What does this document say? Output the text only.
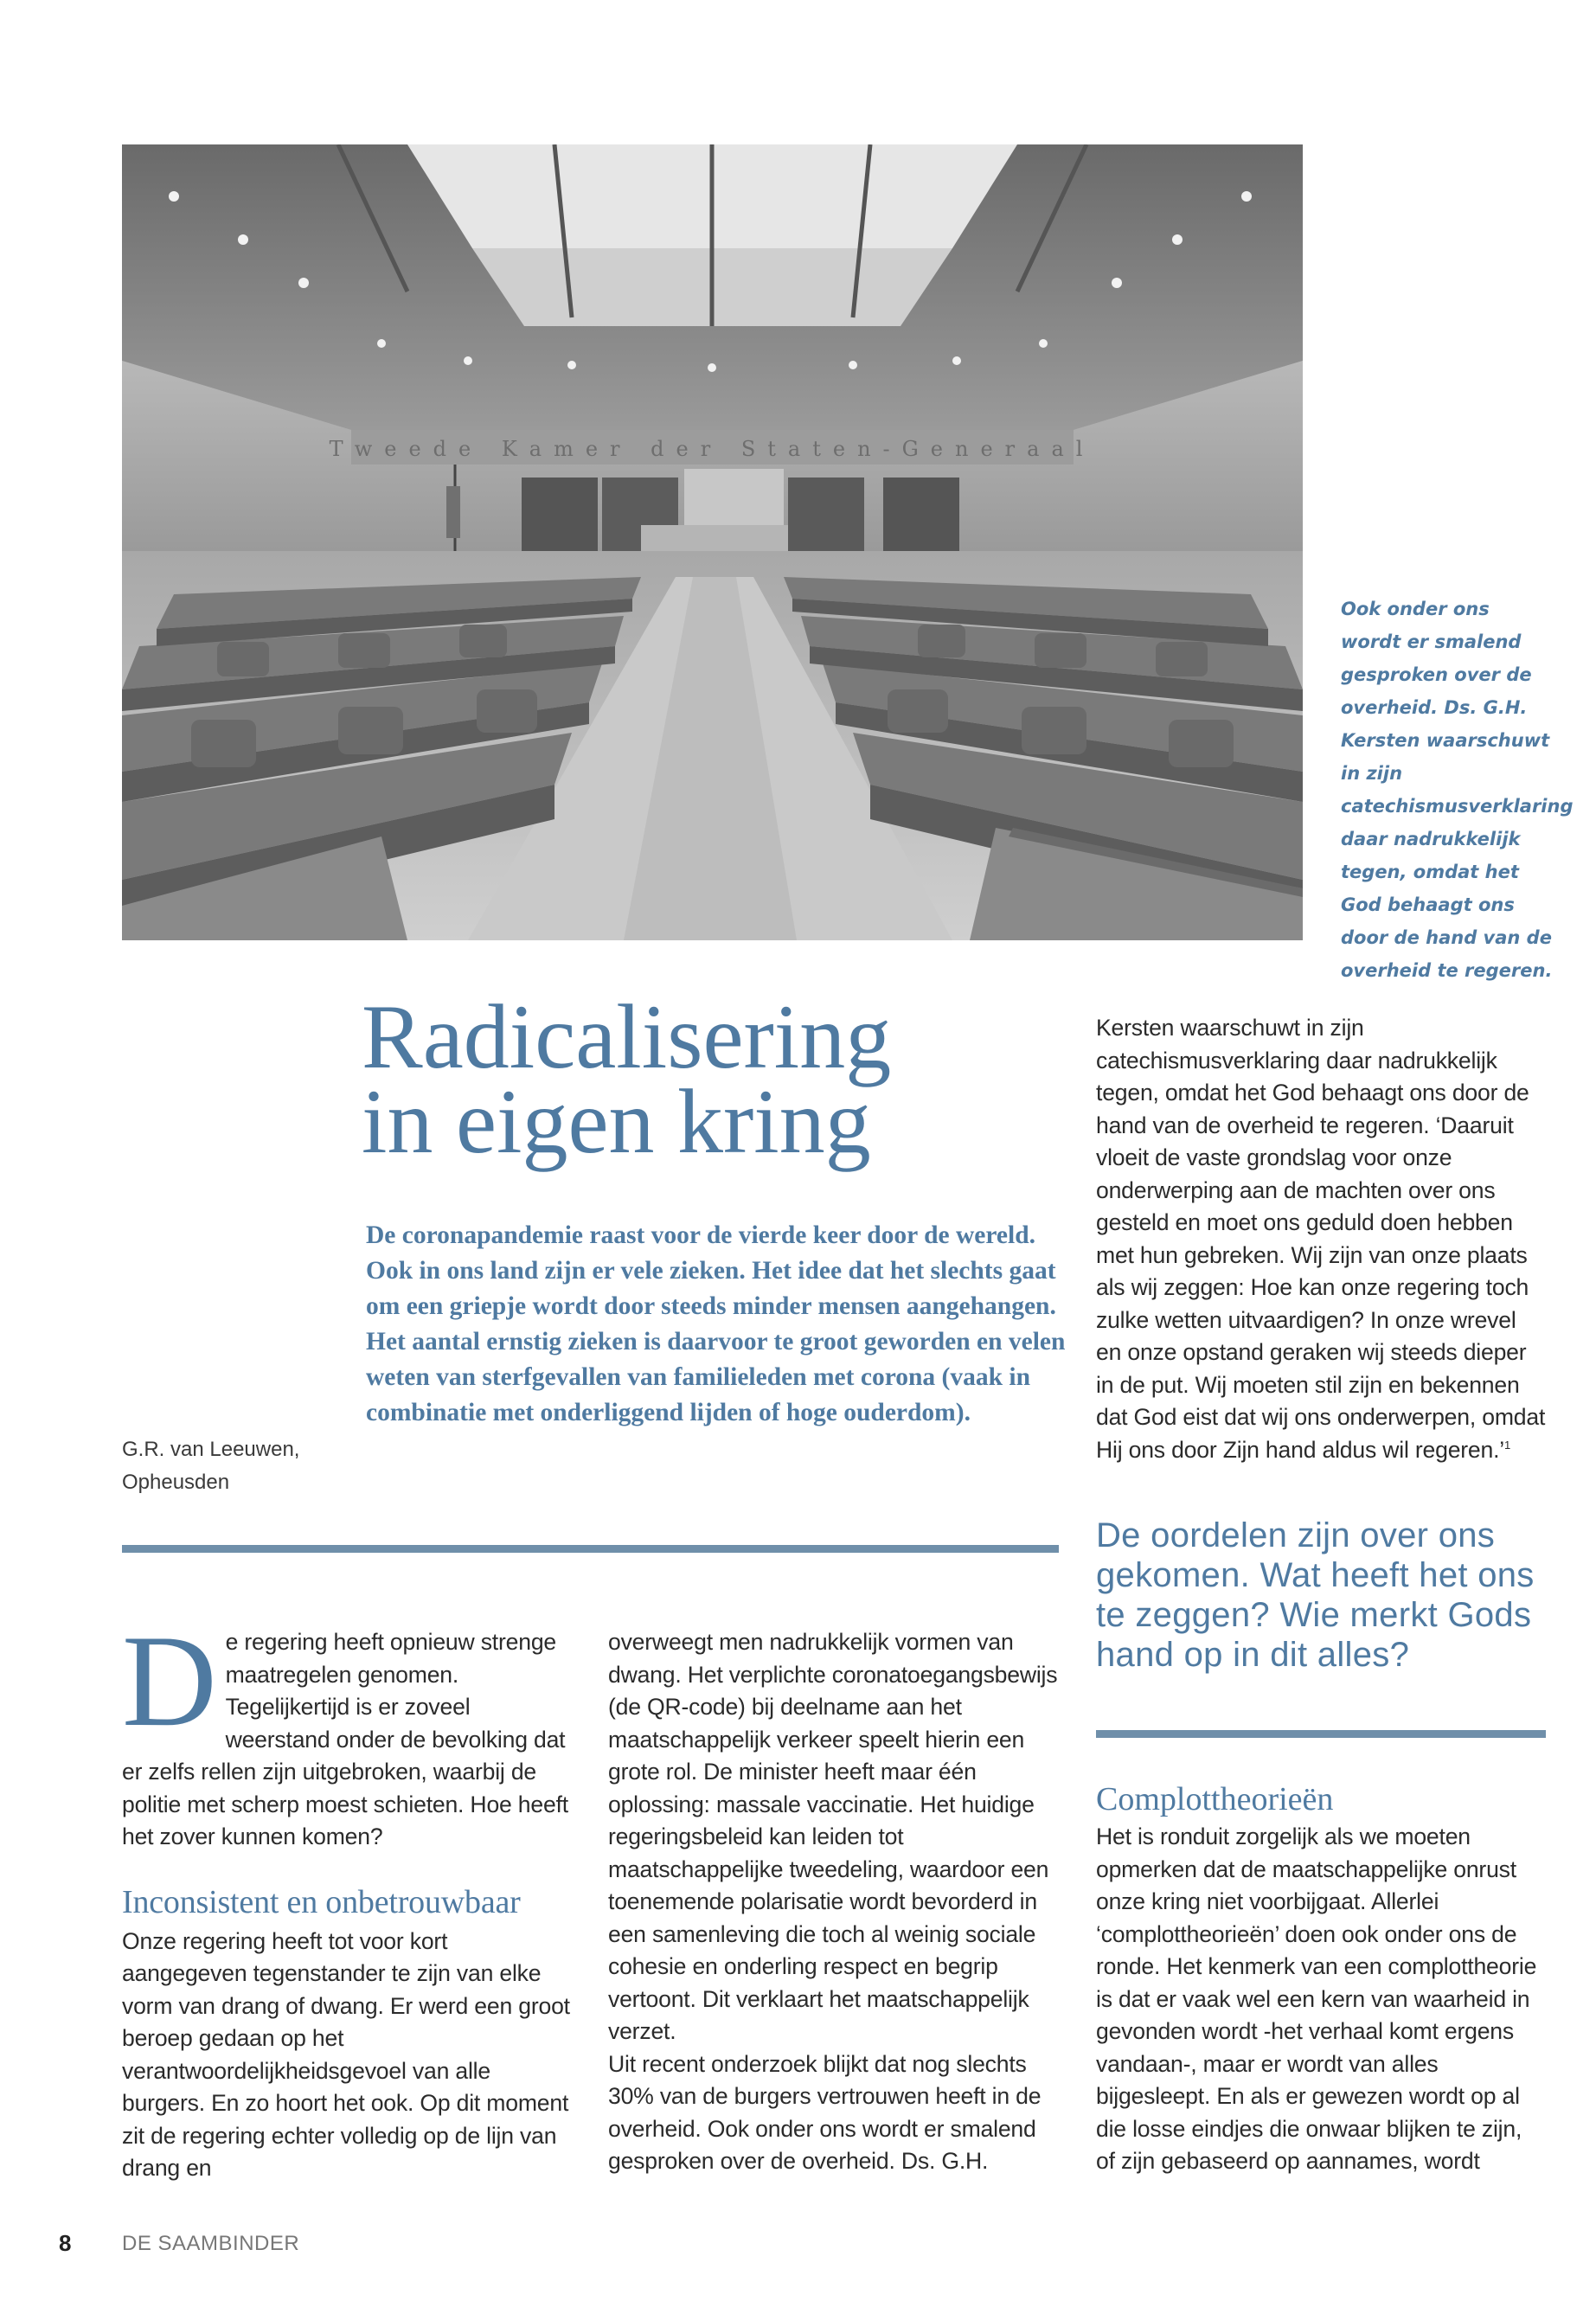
Tweede Kamer der Staten-Generaal
Ook onder ons wordt er smalend gesproken over de overheid. Ds. G.H. Kersten waarschuwt in zijn catechismusverklaring daar nadrukkelijk tegen, omdat het God behaagt ons door de hand van de overheid te regeren.
Radicalisering
in eigen kring
De coronapandemie raast voor de vierde keer door de wereld. Ook in ons land zijn er vele zieken. Het idee dat het slechts gaat om een griepje wordt door steeds minder mensen aangehangen. Het aantal ernstig zieken is daarvoor te groot geworden en velen weten van sterfgevallen van familieleden met corona (vaak in combinatie met onderliggend lijden of hoge ouderdom).
G.R. van Leeuwen,
Opheusden
D e regering heeft opnieuw strenge maatregelen genomen. Tegelijkertijd is er zoveel weerstand onder de bevolking dat er zelfs rellen zijn uitgebroken, waarbij de politie met scherp moest schieten. Hoe heeft het zover kunnen komen?

Inconsistent en onbetrouwbaar

Onze regering heeft tot voor kort aangegeven tegenstander te zijn van elke vorm van drang of dwang. Er werd een groot beroep gedaan op het verantwoordelijkheidsgevoel van alle burgers. En zo hoort het ook. Op dit moment zit de regering echter volledig op de lijn van drang en

overweegt men nadrukkelijk vormen van dwang. Het verplichte coronatoegangsbewijs (de QR-code) bij deelname aan het maatschappelijk verkeer speelt hierin een grote rol. De minister heeft maar één oplossing: massale vaccinatie. Het huidige regeringsbeleid kan leiden tot maatschappelijke tweedeling, waardoor een toenemende polarisatie wordt bevorderd in een samenleving die toch al weinig sociale cohesie en onderling respect en begrip vertoont. Dit verklaart het maatschappelijk verzet.

Uit recent onderzoek blijkt dat nog slechts 30% van de burgers vertrouwen heeft in de overheid. Ook onder ons wordt er smalend gesproken over de overheid. Ds. G.H.

Kersten waarschuwt in zijn catechismusverklaring daar nadrukkelijk tegen, omdat het God behaagt ons door de hand van de overheid te regeren. ‘Daaruit vloeit de vaste grondslag voor onze onderwerping aan de machten over ons gesteld en moet ons geduld doen hebben met hun gebreken. Wij zijn van onze plaats als wij zeggen: Hoe kan onze regering toch zulke wetten uitvaardigen? In onze wrevel en onze opstand geraken wij steeds dieper in de put. Wij moeten stil zijn en bekennen dat God eist dat wij ons onderwerpen, omdat Hij ons door Zijn hand aldus wil regeren.’$^1$

De oordelen zijn over ons gekomen. Wat heeft het ons te zeggen? Wie merkt Gods hand op in dit alles?
Complottheorieën

Het is ronduit zorgelijk als we moeten opmerken dat de maatschappelijke onrust onze kring niet voorbijgaat. Allerlei ‘complottheorieën’ doen ook onder ons de ronde. Het kenmerk van een complottheorie is dat er vaak wel een kern van waarheid in gevonden wordt -het verhaal komt ergens vandaan-, maar er wordt van alles bijgesleept. En als er gewezen wordt op al die losse eindjes die onwaar blijken te zijn, of zijn gebaseerd op aannames, wordt

8 DE SAAMBINDER
